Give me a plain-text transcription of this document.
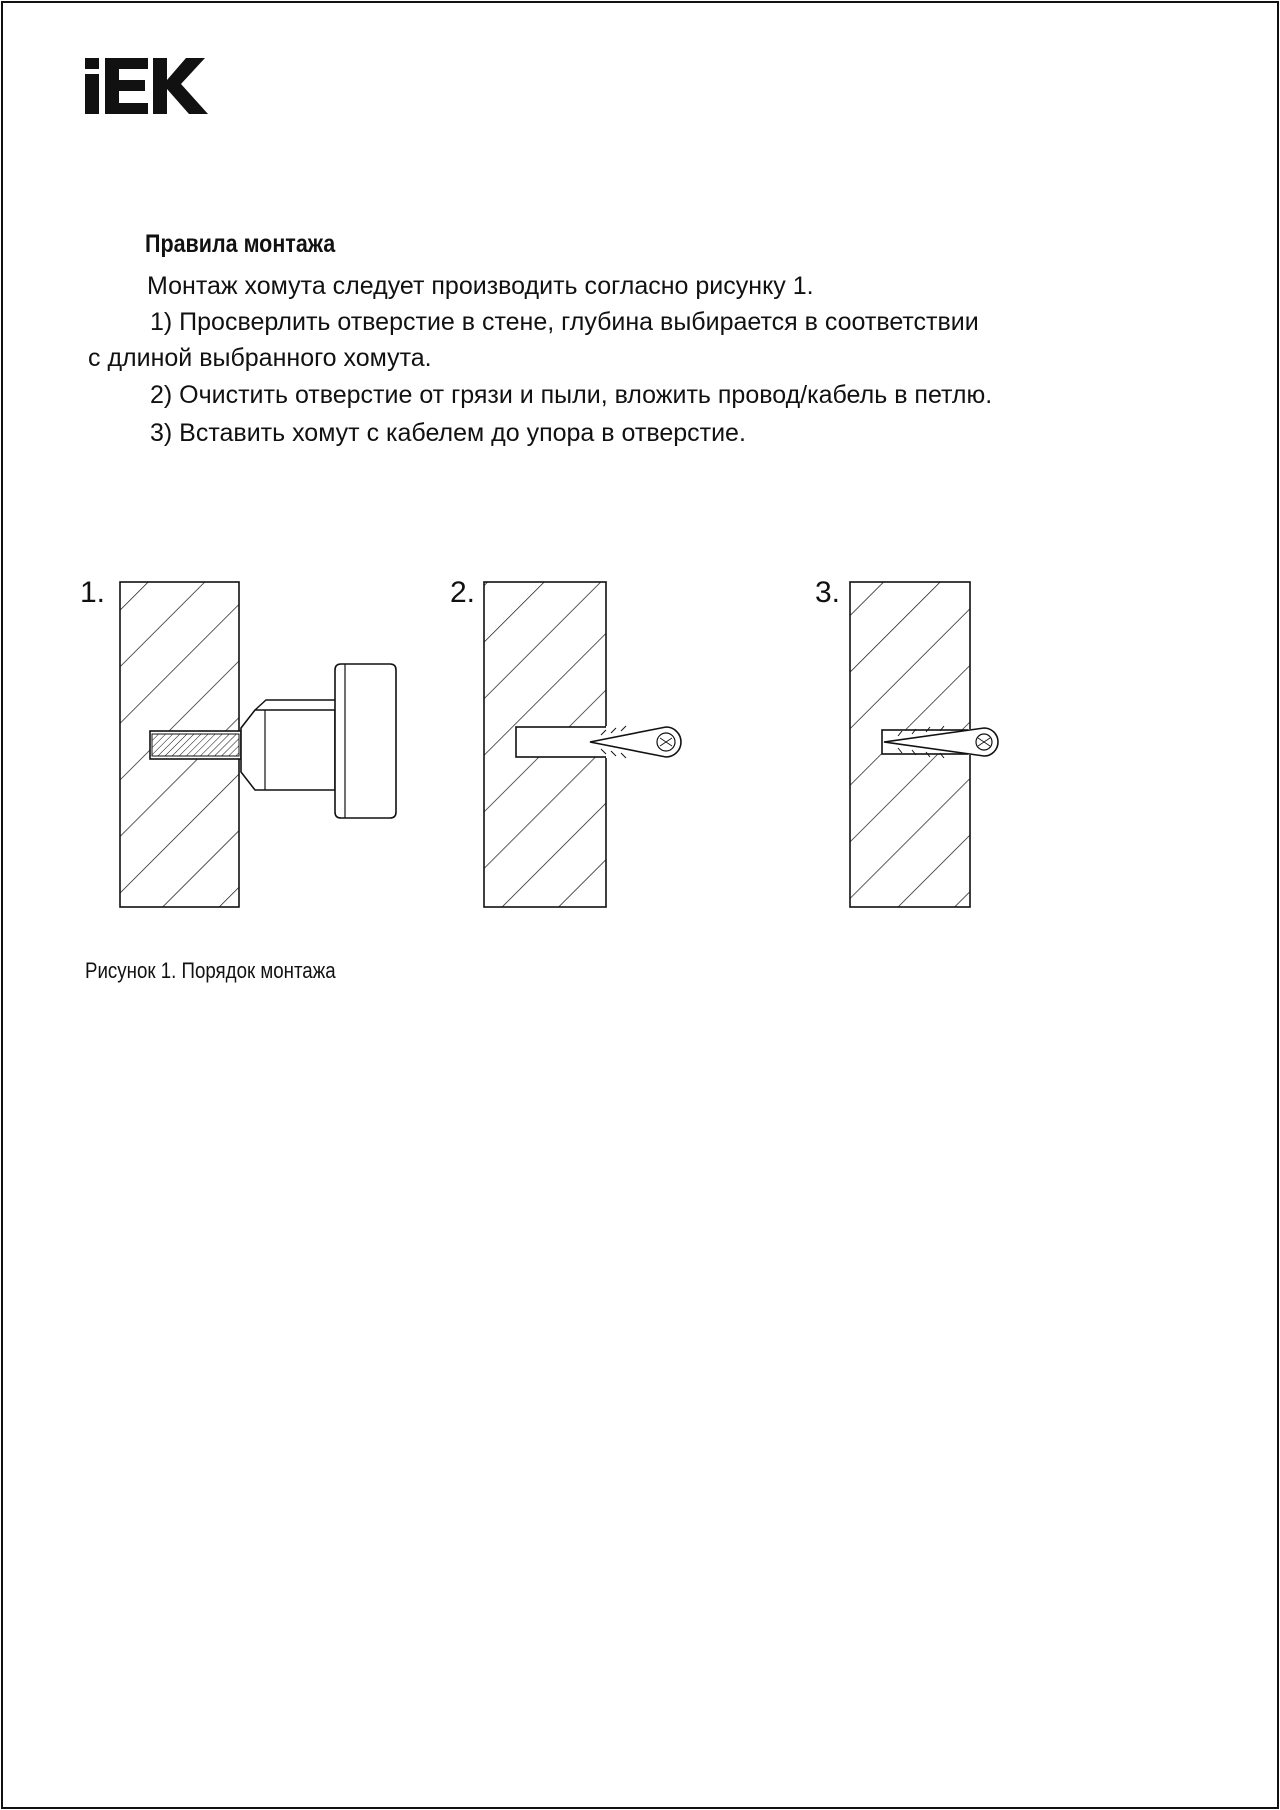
Правила монтажа
Монтаж хомута следует производить согласно рисунку 1.
1) Просверлить отверстие в стене, глубина выбирается в соответствии
с длиной выбранного хомута.
2) Очистить отверстие от грязи и пыли, вложить провод/кабель в петлю.
3) Вставить хомут с кабелем до упора в отверстие.
1.	2.	3.
Рисунок 1. Порядок монтажа
